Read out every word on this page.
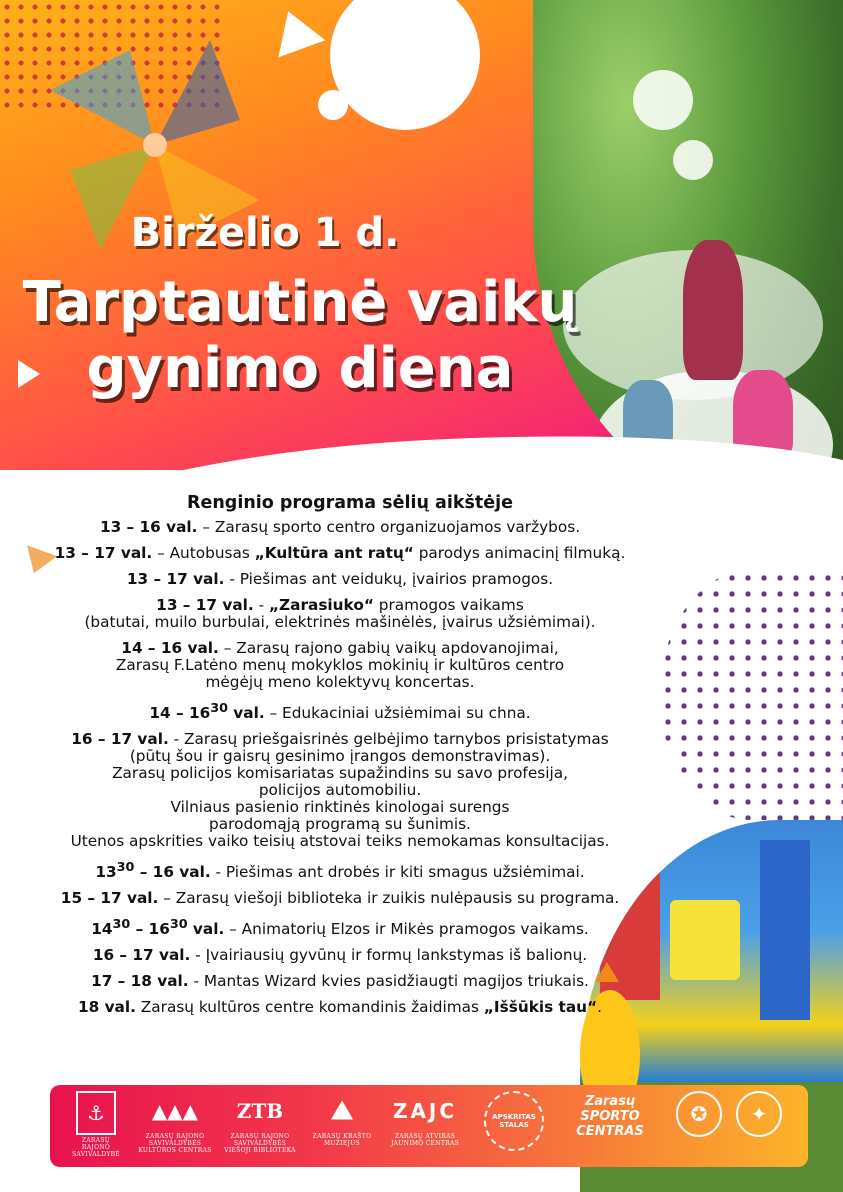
✕
Birželio 1 d.
Tarptautinė vaikų
gynimo diena
Renginio programa sėlių aikštėje
13 – 16 val. – Zarasų sporto centro organizuojamos varžybos.
13 – 17 val. – Autobusas „Kultūra ant ratų“ parodys animacinį filmuką.
13 – 17 val. - Piešimas ant veidukų, įvairios pramogos.
13 – 17 val. - „Zarasiuko“ pramogos vaikams
(batutai, muilo burbulai, elektrinės mašinėlės, įvairus užsiėmimai).
14 – 16 val. – Zarasų rajono gabių vaikų apdovanojimai,
Zarasų F.Latėno menų mokyklos mokinių ir kultūros centro
mėgėjų meno kolektyvų koncertas.
$14 - 16^{30}$ val. – Edukaciniai užsiėmimai su chna.
16 – 17 val. - Zarasų priešgaisrinės gelbėjimo tarnybos prisistatymas
(pūtų šou ir gaisrų gesinimo įrangos demonstravimas).
Zarasų policijos komisariatas supažindins su savo profesija,
policijos automobiliu.
Vilniaus pasienio rinktinės kinologai surengs
parodomąją programą su šunimis.
Utenos apskrities vaiko teisių atstovai teiks nemokamas konsultacijas.
$13^{30} - 16$ val. - Piešimas ant drobės ir kiti smagus užsiėmimai.
15 – 17 val. – Zarasų viešoji biblioteka ir zuikis nulėpausis su programa.
$14^{30} - 16^{30}$ val. – Animatorių Elzos ir Mikės pramogos vaikams.
16 – 17 val. - Įvairiausių gyvūnų ir formų lankstymas iš balionų.
17 – 18 val. - Mantas Wizard kvies pasidžiaugti magijos triukais.
18 val. Zarasų kultūros centre komandinis žaidimas „Iššūkis tau“.
⚓
ZARASŲ RAJONO
SAVIVALDYBĖ
▲▲▲
ZARASŲ RAJONO SAVIVALDYBĖS
KULTŪROS CENTRAS
ZTB
ZARASŲ RAJONO SAVIVALDYBĖS
VIEŠOJI BIBLIOTEKA
⛰
ZARASŲ KRAŠTO
MUZIEJUS
ZAJC
ZARASŲ ATVIRAS
JAUNIMO CENTRAS
APSKRITAS STALAS
Zarasų SPORTO CENTRAS
✪	✦
